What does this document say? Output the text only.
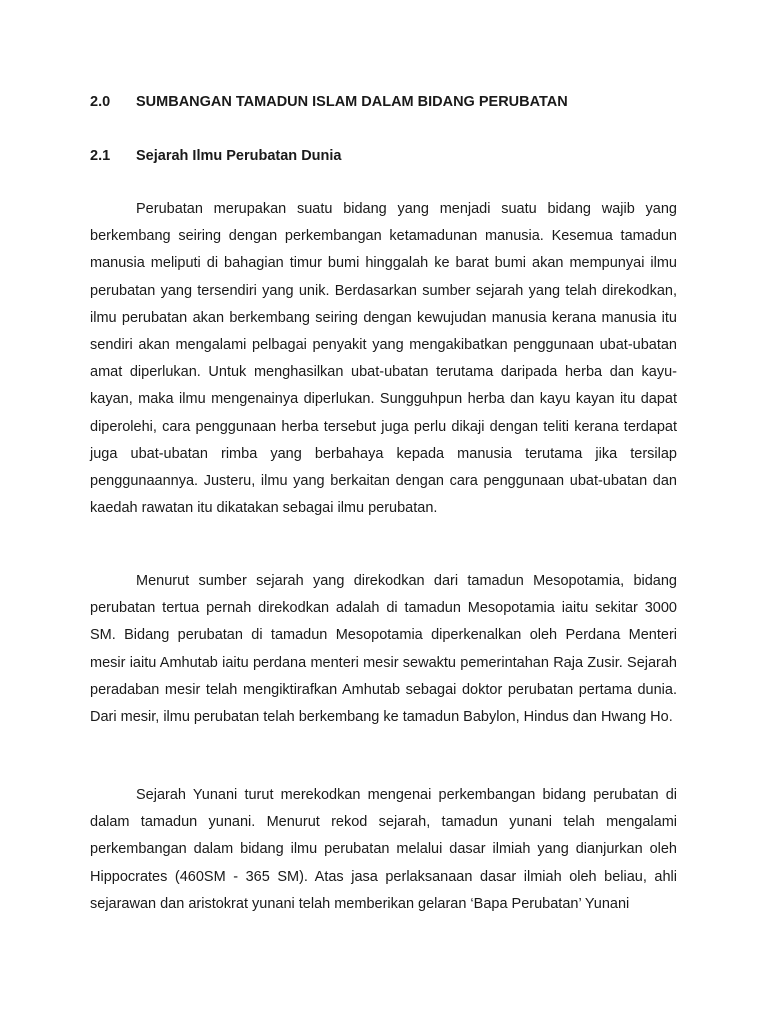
2.0 SUMBANGAN TAMADUN ISLAM DALAM BIDANG PERUBATAN
2.1 Sejarah Ilmu Perubatan Dunia

Perubatan merupakan suatu bidang yang menjadi suatu bidang wajib yang berkembang seiring dengan perkembangan ketamadunan manusia. Kesemua tamadun manusia meliputi di bahagian timur bumi hinggalah ke barat bumi akan mempunyai ilmu perubatan yang tersendiri yang unik. Berdasarkan sumber sejarah yang telah direkodkan, ilmu perubatan akan berkembang seiring dengan kewujudan manusia kerana manusia itu sendiri akan mengalami pelbagai penyakit yang mengakibatkan penggunaan ubat-ubatan amat diperlukan. Untuk menghasilkan ubat-ubatan terutama daripada herba dan kayu-kayan, maka ilmu mengenainya diperlukan. Sungguhpun herba dan kayu kayan itu dapat diperolehi, cara penggunaan herba tersebut juga perlu dikaji dengan teliti kerana terdapat juga ubat-ubatan rimba yang berbahaya kepada manusia terutama jika tersilap penggunaannya. Justeru, ilmu yang berkaitan dengan cara penggunaan ubat-ubatan dan kaedah rawatan itu dikatakan sebagai ilmu perubatan.

Menurut sumber sejarah yang direkodkan dari tamadun Mesopotamia, bidang perubatan tertua pernah direkodkan adalah di tamadun Mesopotamia iaitu sekitar 3000 SM. Bidang perubatan di tamadun Mesopotamia diperkenalkan oleh Perdana Menteri mesir iaitu Amhutab iaitu perdana menteri mesir sewaktu pemerintahan Raja Zusir. Sejarah peradaban mesir telah mengiktirafkan Amhutab sebagai doktor perubatan pertama dunia. Dari mesir, ilmu perubatan telah berkembang ke tamadun Babylon, Hindus dan Hwang Ho.

Sejarah Yunani turut merekodkan mengenai perkembangan bidang perubatan di dalam tamadun yunani. Menurut rekod sejarah, tamadun yunani telah mengalami perkembangan dalam bidang ilmu perubatan melalui dasar ilmiah yang dianjurkan oleh Hippocrates (460SM - 365 SM). Atas jasa perlaksanaan dasar ilmiah oleh beliau, ahli sejarawan dan aristokrat yunani telah memberikan gelaran ‘Bapa Perubatan’ Yunani
